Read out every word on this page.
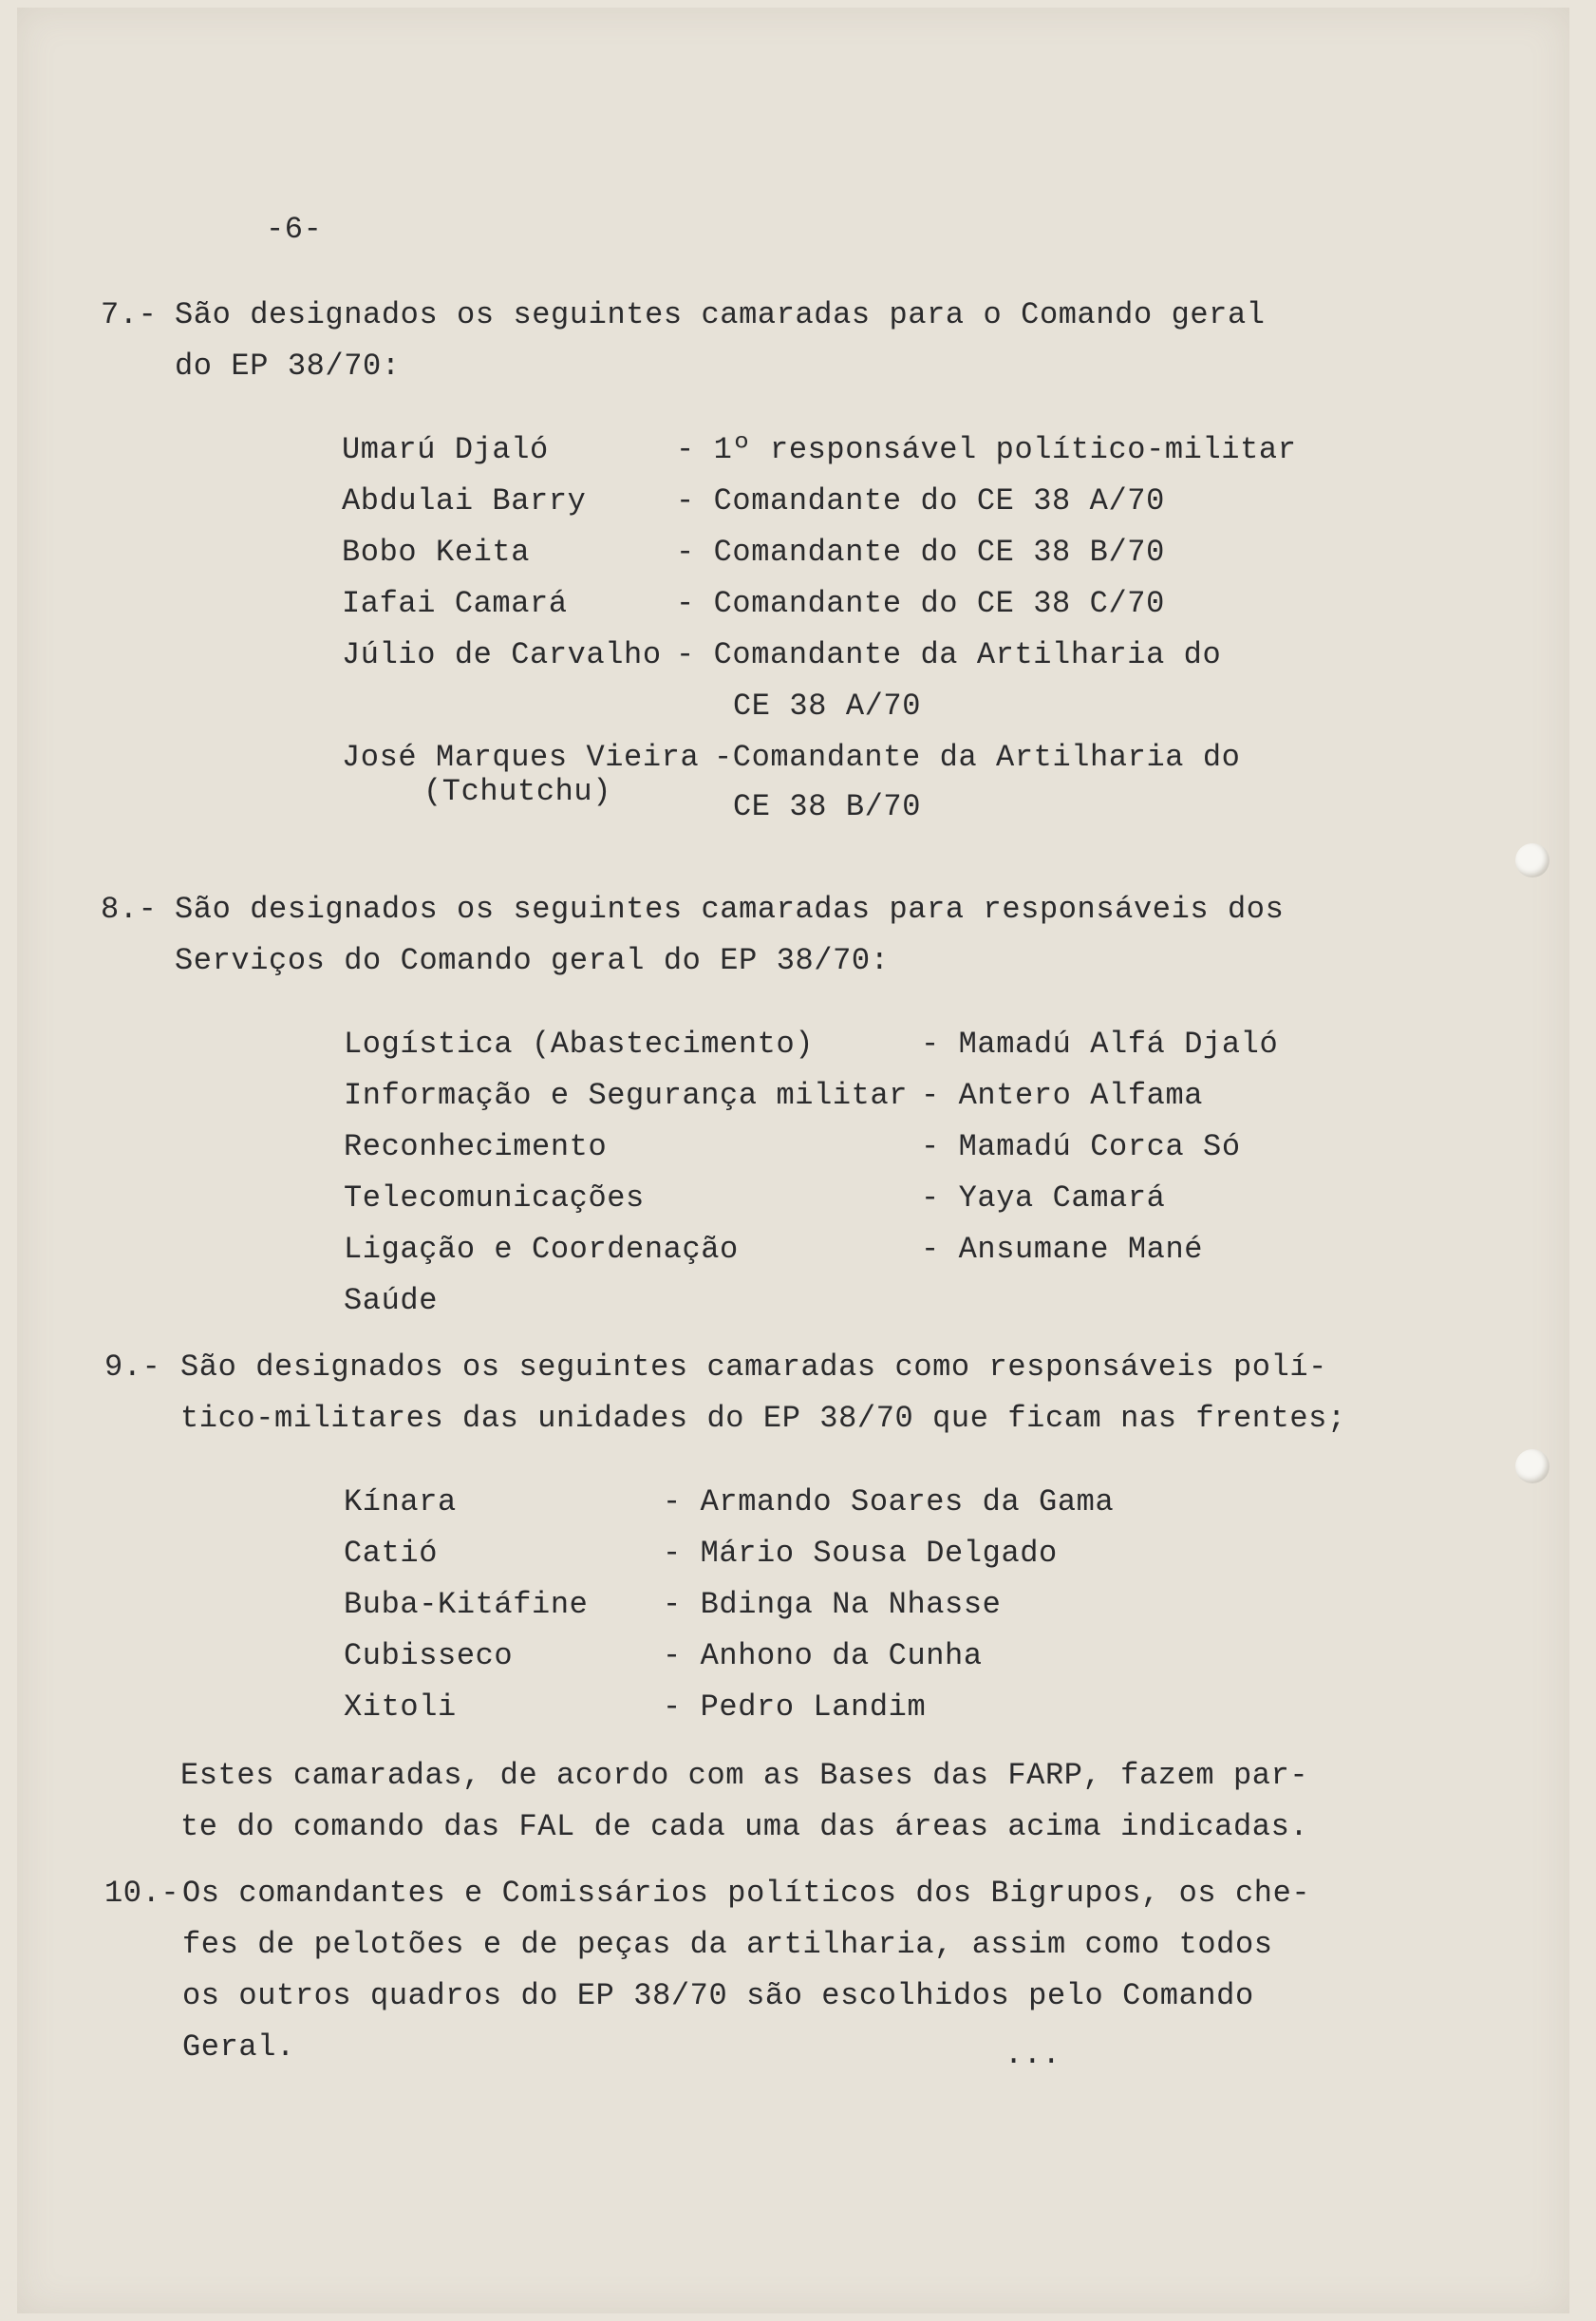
-6-
7.- São designados os seguintes camaradas para o Comando geral
do EP 38/70:
Umarú Djaló	- 1º responsável político-militar
Abdulai Barry	- Comandante do CE 38 A/70
Bobo Keita	- Comandante do CE 38 B/70
Iafai Camará	- Comandante do CE 38 C/70
Júlio de Carvalho - Comandante da Artilharia do
CE 38 A/70
José Marques Vieira -Comandante da Artilharia do
(Tchutchu)	CE 38 B/70
8.- São designados os seguintes camaradas para responsáveis dos
Serviços do Comando geral do EP 38/70:
Logística (Abastecimento)	- Mamadú Alfá Djaló
Informação e Segurança militar - Antero Alfama
Reconhecimento	- Mamadú Corca Só
Telecomunicações	- Yaya Camará
Ligação e Coordenação	- Ansumane Mané
Saúde
9.- São designados os seguintes camaradas como responsáveis polí-
tico-militares das unidades do EP 38/70 que ficam nas frentes;
Kínara	- Armando Soares da Gama
Catió	- Mário Sousa Delgado
Buba-Kitáfine - Bdinga Na Nhasse
Cubisseco	- Anhono da Cunha
Xitoli	- Pedro Landim
Estes camaradas, de acordo com as Bases das FARP, fazem par-
te do comando das FAL de cada uma das áreas acima indicadas.
10.- Os comandantes e Comissários políticos dos Bigrupos, os che-
fes de pelotões e de peças da artilharia, assim como todos
os outros quadros do EP 38/70 são escolhidos pelo Comando
Geral.	...
